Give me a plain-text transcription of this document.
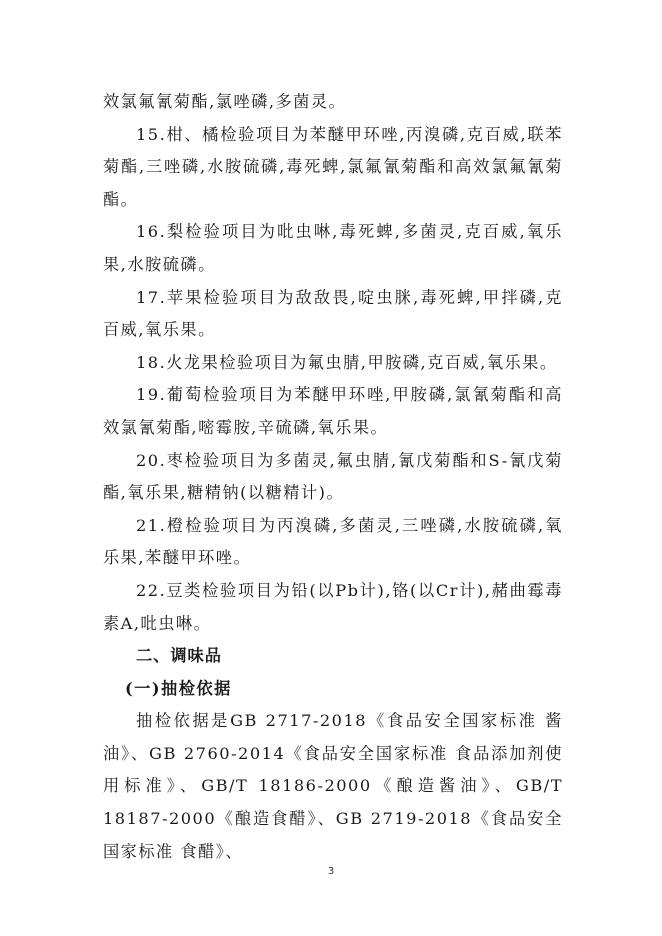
效氯氟氰菊酯,氯唑磷,多菌灵。

15.柑、橘检验项目为苯醚甲环唑,丙溴磷,克百威,联苯菊酯,三唑磷,水胺硫磷,毒死蜱,氯氟氰菊酯和高效氯氟氰菊酯。

16.梨检验项目为吡虫啉,毒死蜱,多菌灵,克百威,氧乐果,水胺硫磷。

17.苹果检验项目为敌敌畏,啶虫脒,毒死蜱,甲拌磷,克百威,氧乐果。

18.火龙果检验项目为氟虫腈,甲胺磷,克百威,氧乐果。

19.葡萄检验项目为苯醚甲环唑,甲胺磷,氯氰菊酯和高效氯氰菊酯,嘧霉胺,辛硫磷,氧乐果。

20.枣检验项目为多菌灵,氟虫腈,氰戊菊酯和S-氰戊菊酯,氧乐果,糖精钠(以糖精计)。

21.橙检验项目为丙溴磷,多菌灵,三唑磷,水胺硫磷,氧乐果,苯醚甲环唑。

22.豆类检验项目为铅(以Pb计),铬(以Cr计),赭曲霉毒素A,吡虫啉。

二、调味品
(一)抽检依据

抽检依据是GB 2717-2018《食品安全国家标准 酱油》、GB 2760-2014《食品安全国家标准 食品添加剂使用标准》、GB/T 18186-2000《酿造酱油》、GB/T 18187-2000《酿造食醋》、GB 2719-2018《食品安全国家标准 食醋》、

3
